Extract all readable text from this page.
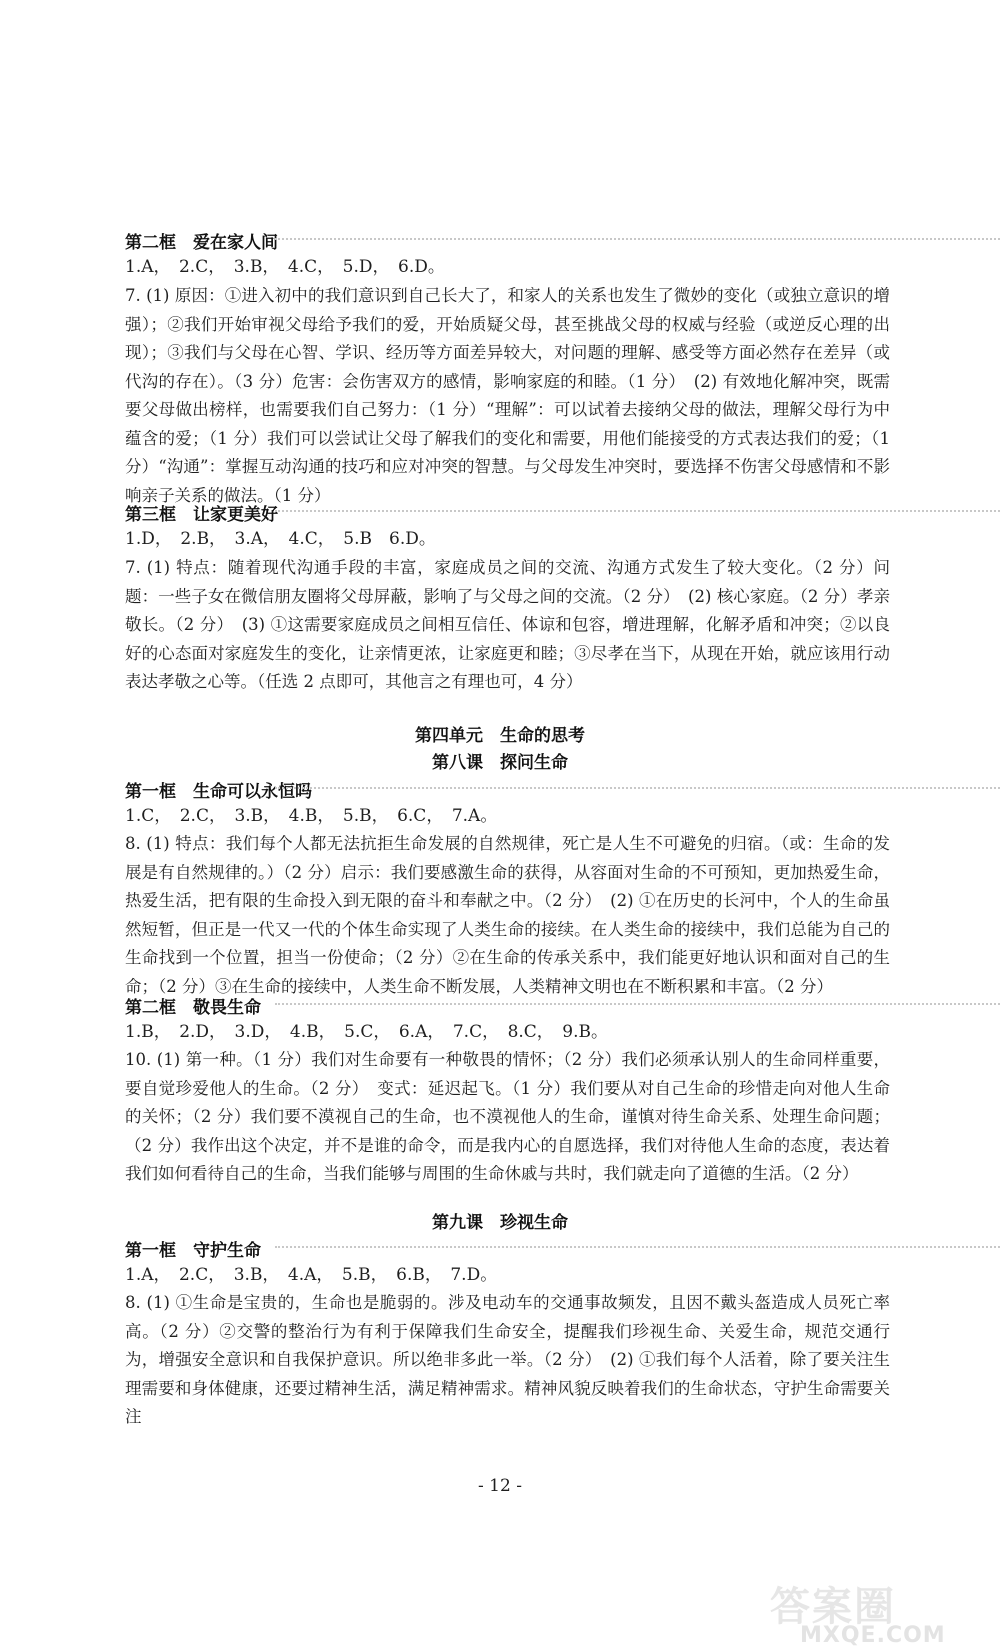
第二框　爱在家人间
1.A，　2.C，　3.B，　4.C，　5.D，　6.D。
7. (1) 原因：①进入初中的我们意识到自己长大了，和家人的关系也发生了微妙的变化（或独立意识的增强）；②我们开始审视父母给予我们的爱，开始质疑父母，甚至挑战父母的权威与经验（或逆反心理的出现）；③我们与父母在心智、学识、经历等方面差异较大，对问题的理解、感受等方面必然存在差异（或代沟的存在）。（3 分）危害：会伤害双方的感情，影响家庭的和睦。（1 分）　(2) 有效地化解冲突，既需要父母做出榜样，也需要我们自己努力：（1 分）“理解”：可以试着去接纳父母的做法，理解父母行为中蕴含的爱；（1 分）我们可以尝试让父母了解我们的变化和需要，用他们能接受的方式表达我们的爱；（1 分）“沟通”：掌握互动沟通的技巧和应对冲突的智慧。与父母发生冲突时，要选择不伤害父母感情和不影响亲子关系的做法。（1 分）
第三框　让家更美好
1.D，　2.B，　3.A，　4.C，　5.B　6.D。
7. (1) 特点：随着现代沟通手段的丰富，家庭成员之间的交流、沟通方式发生了较大变化。（2 分）问题：一些子女在微信朋友圈将父母屏蔽，影响了与父母之间的交流。（2 分）　(2) 核心家庭。（2 分）孝亲敬长。（2 分）　(3) ①这需要家庭成员之间相互信任、体谅和包容，增进理解，化解矛盾和冲突；②以良好的心态面对家庭发生的变化，让亲情更浓，让家庭更和睦；③尽孝在当下，从现在开始，就应该用行动表达孝敬之心等。（任选 2 点即可，其他言之有理也可，4 分）
第四单元　生命的思考
第八课　探问生命
第一框　生命可以永恒吗
1.C，　2.C，　3.B，　4.B，　5.B，　6.C，　7.A。
8. (1) 特点：我们每个人都无法抗拒生命发展的自然规律，死亡是人生不可避免的归宿。（或：生命的发展是有自然规律的。）（2 分）启示：我们要感激生命的获得，从容面对生命的不可预知，更加热爱生命，热爱生活，把有限的生命投入到无限的奋斗和奉献之中。（2 分）　(2) ①在历史的长河中，个人的生命虽然短暂，但正是一代又一代的个体生命实现了人类生命的接续。在人类生命的接续中，我们总能为自己的生命找到一个位置，担当一份使命；（2 分）②在生命的传承关系中，我们能更好地认识和面对自己的生命；（2 分）③在生命的接续中，人类生命不断发展，人类精神文明也在不断积累和丰富。（2 分）
第二框　敬畏生命
1.B，　2.D，　3.D，　4.B，　5.C，　6.A，　7.C，　8.C，　9.B。
10. (1) 第一种。（1 分）我们对生命要有一种敬畏的情怀；（2 分）我们必须承认别人的生命同样重要，要自觉珍爱他人的生命。（2 分）　变式：延迟起飞。（1 分）我们要从对自己生命的珍惜走向对他人生命的关怀；（2 分）我们要不漠视自己的生命，也不漠视他人的生命，谨慎对待生命关系、处理生命问题；（2 分）我作出这个决定，并不是谁的命令，而是我内心的自愿选择，我们对待他人生命的态度，表达着我们如何看待自己的生命，当我们能够与周围的生命休戚与共时，我们就走向了道德的生活。（2 分）
第九课　珍视生命
第一框　守护生命
1.A，　2.C，　3.B，　4.A，　5.B，　6.B，　7.D。
8. (1) ①生命是宝贵的，生命也是脆弱的。涉及电动车的交通事故频发，且因不戴头盔造成人员死亡率高。（2 分）②交警的整治行为有利于保障我们生命安全，提醒我们珍视生命、关爱生命，规范交通行为，增强安全意识和自我保护意识。所以绝非多此一举。（2 分）　(2) ①我们每个人活着，除了要关注生理需要和身体健康，还要过精神生活，满足精神需求。精神风貌反映着我们的生命状态，守护生命需要关注
- 12 -
答案圈
MXQE.COM
